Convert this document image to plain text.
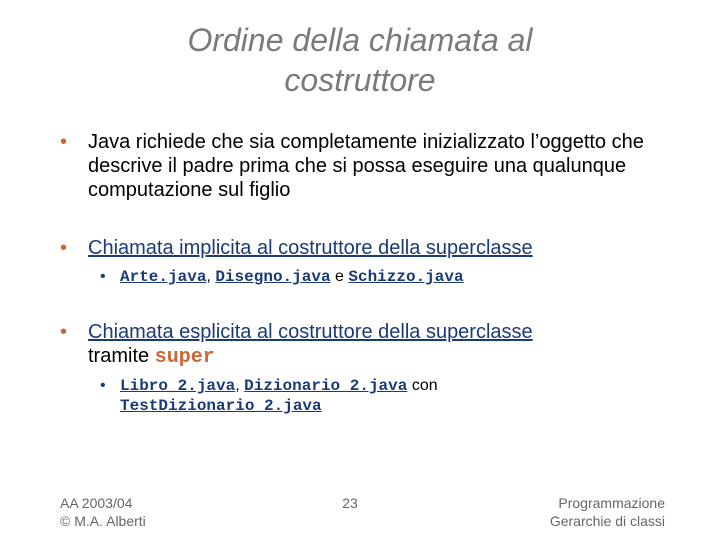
Ordine della chiamata al
costruttore
• Java richiede che sia completamente inizializzato l’oggetto che descrive il padre prima che si possa eseguire una qualunque computazione sul figlio
• Chiamata implicita al costruttore della superclasse
• Arte.java, Disegno.java e Schizzo.java
• Chiamata esplicita al costruttore della superclasse
tramite super
• Libro_2.java, Dizionario_2.java con
TestDizionario_2.java
AA 2003/04
© M.A. Alberti
23	Programmazione
Gerarchie di classi
